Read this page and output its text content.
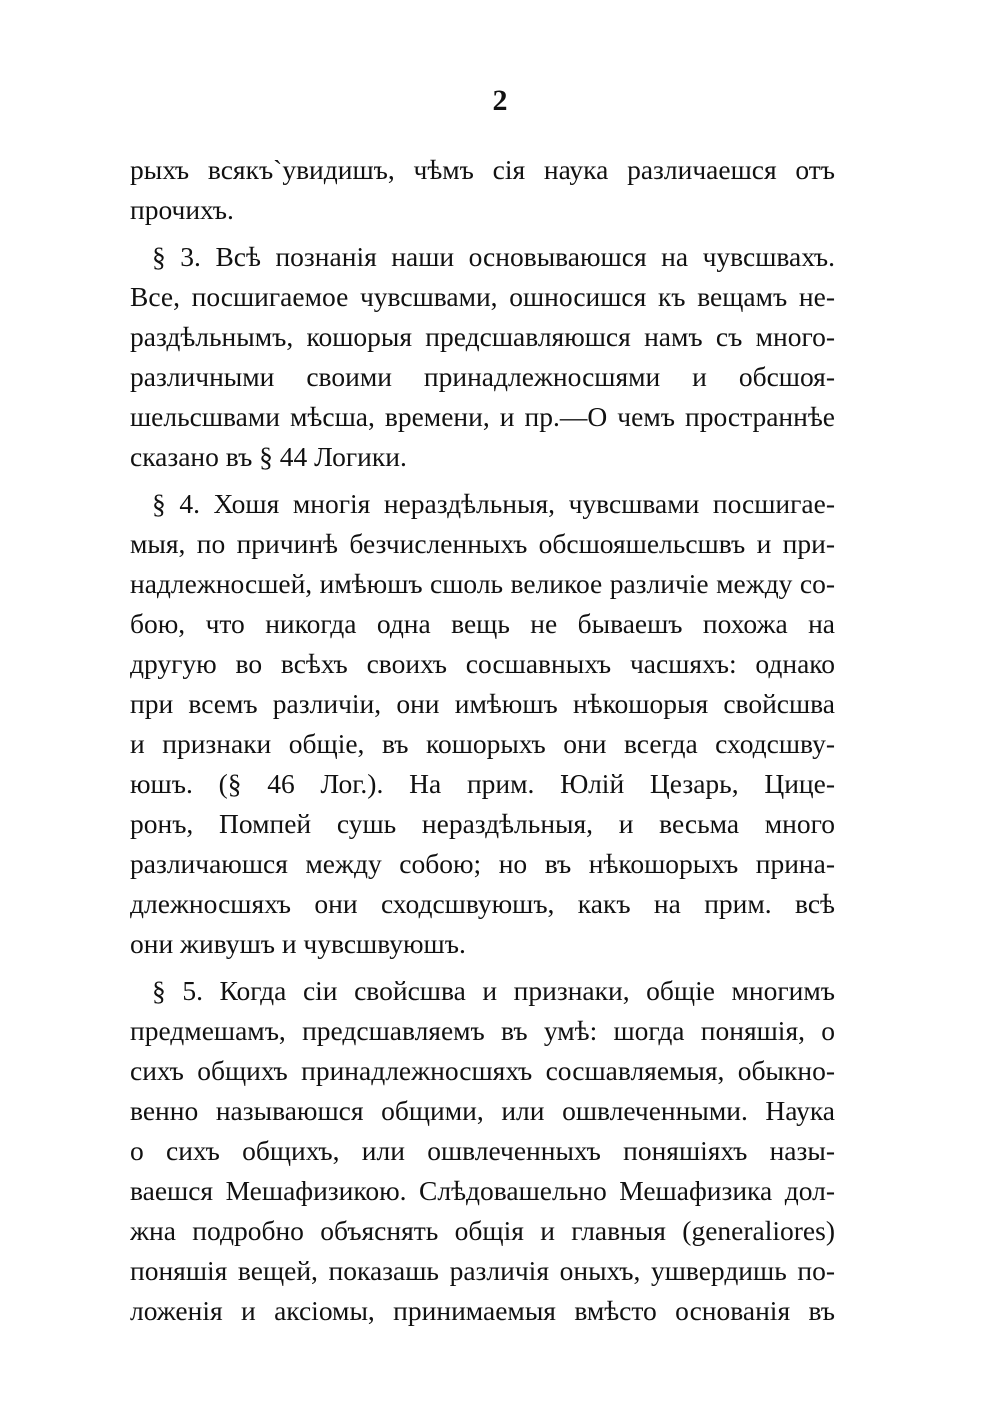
2
рыхъ всякъ`увидишъ, чѣмъ сія наука различаешся отъ
прочихъ.
§ 3. Всѣ познанія наши основываюшся на чувсшвахъ.
Все, посшигаемое чувсшвами, ошносишся къ вещамъ не-
раздѣльнымъ, кошорыя предсшавляюшся намъ съ много-
различными своими принадлежносшями и обсшоя-
шельсшвами мѣсша, времени, и пр.—О чемъ пространнѣе
сказано въ § 44 Логики.
§ 4. Хошя многія нераздѣльныя, чувсшвами посшигае-
мыя, по причинѣ безчисленныхъ обсшояшельсшвъ и при-
надлежносшей, имѣюшъ сшоль великое различіе между со-
бою, что никогда одна вещь не бываешъ похожа на
другую во всѣхъ своихъ сосшавныхъ часшяхъ: однако
при всемъ различіи, они имѣюшъ нѣкошорыя свойсшва
и признаки общіе, въ кошорыхъ они всегда сходсшву-
юшъ. (§ 46 Лог.). На прим. Юлій Цезарь, Цице-
ронъ, Помпей сушь нераздѣльныя, и весьма много
различаюшся между собою; но въ нѣкошорыхъ прина-
длежносшяхъ они сходсшвуюшъ, какъ на прим. всѣ
они живушъ и чувсшвуюшъ.
§ 5. Когда сіи свойсшва и признаки, общіе многимъ
предмешамъ, предсшавляемъ въ умѣ: шогда поняшія, о
сихъ общихъ принадлежносшяхъ сосшавляемыя, обыкно-
венно называюшся общими, или ошвлеченными. Наука
о сихъ общихъ, или ошвлеченныхъ поняшіяхъ назы-
ваешся Мешафизикою. Слѣдовашельно Мешафизика дол-
жна подробно объяснять общія и главныя (generaliores)
поняшія вещей, показашь различія оныхъ, ушвердишь по-
ложенія и аксіомы, принимаемыя вмѣсто основанія въ
